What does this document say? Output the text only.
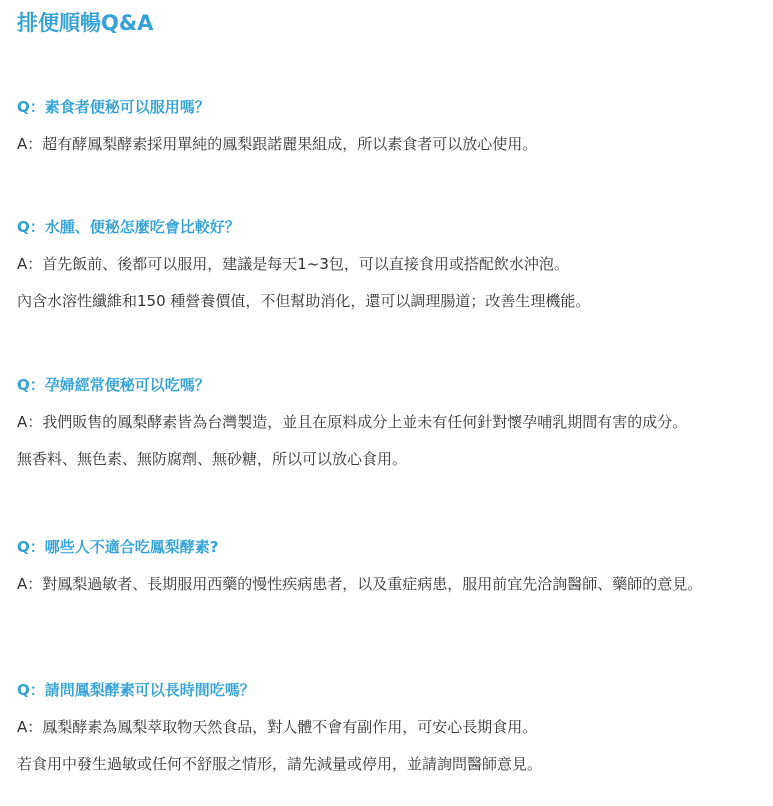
排便順暢Q&A

Q：素食者便秘可以服用嗎？

A：超有酵鳳梨酵素採用單純的鳳梨跟諾麗果組成，所以素食者可以放心使用。

Q：水腫、便秘怎麼吃會比較好？

A：首先飯前、後都可以服用，建議是每天1~3包，可以直接食用或搭配飲水沖泡。

內含水溶性纖維和150 種營養價值，不但幫助消化，還可以調理腸道；改善生理機能。

Q：孕婦經常便秘可以吃嗎？

A：我們販售的鳳梨酵素皆為台灣製造，並且在原料成分上並未有任何針對懷孕哺乳期間有害的成分。

無香料、無色素、無防腐劑、無砂糖，所以可以放心食用。

Q：哪些人不適合吃鳳梨酵素?

A：對鳳梨過敏者、長期服用西藥的慢性疾病患者，以及重症病患，服用前宜先洽詢醫師、藥師的意見。

Q：請問鳳梨酵素可以長時間吃嗎？

A：鳳梨酵素為鳳梨萃取物天然食品，對人體不會有副作用，可安心長期食用。

若食用中發生過敏或任何不舒服之情形，請先減量或停用，並請詢問醫師意見。
